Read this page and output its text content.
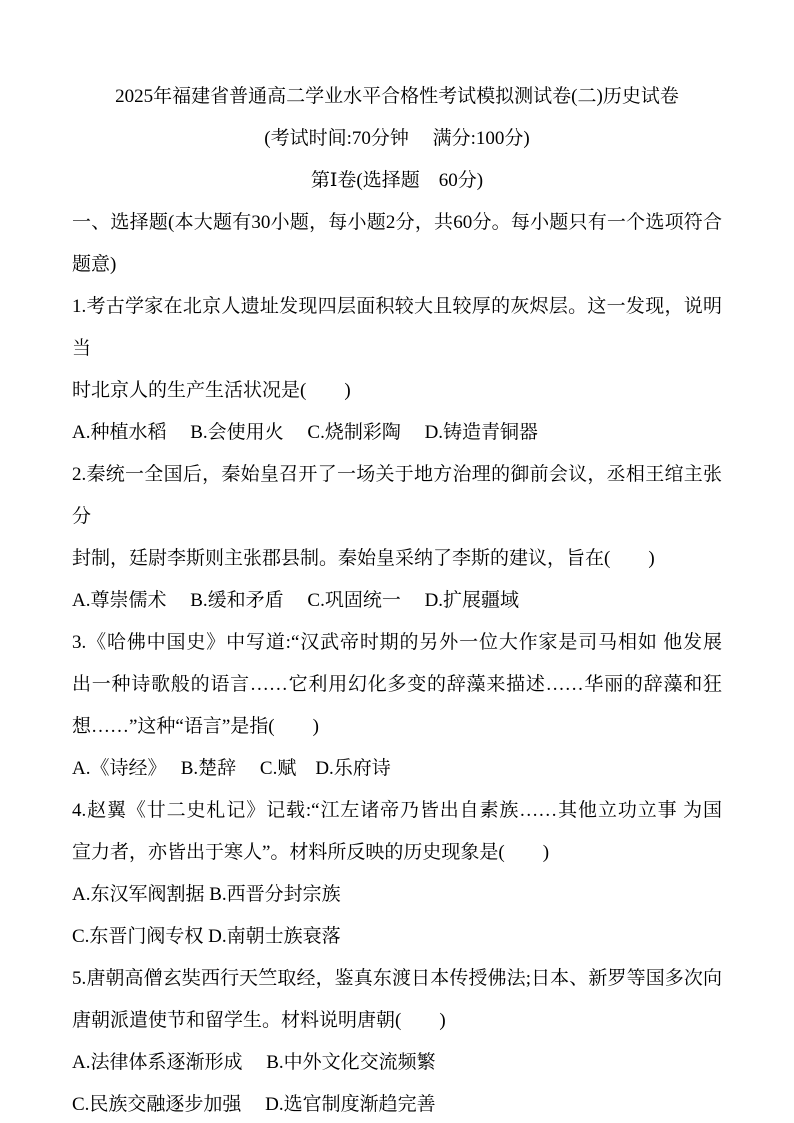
2025年福建省普通高二学业水平合格性考试模拟测试卷(二)历史试卷
(考试时间:70分钟　 满分:100分)
第Ⅰ卷(选择题　60分)
一、选择题(本大题有30小题，每小题2分，共60分。每小题只有一个选项符合
题意)
1.考古学家在北京人遗址发现四层面积较大且较厚的灰烬层。这一发现，说明当
时北京人的生产生活状况是(　　)
A.种植水稻　 B.会使用火　 C.烧制彩陶　 D.铸造青铜器
2.秦统一全国后，秦始皇召开了一场关于地方治理的御前会议，丞相王绾主张分
封制，廷尉李斯则主张郡县制。秦始皇采纳了李斯的建议，旨在(　　)
A.尊崇儒术　 B.缓和矛盾　 C.巩固统一　 D.扩展疆域
3.《哈佛中国史》中写道:“汉武帝时期的另外一位大作家是司马相如 他发展
出一种诗歌般的语言……它利用幻化多变的辞藻来描述……华丽的辞藻和狂
想……”这种“语言”是指(　　)
A.《诗经》　 B.楚辞　 C.赋　D.乐府诗
4.赵翼《廿二史札记》记载:“江左诸帝乃皆出自素族……其他立功立事 为国
宣力者，亦皆出于寒人”。材料所反映的历史现象是(　　)
A.东汉军阀割据 B.西晋分封宗族
C.东晋门阀专权 D.南朝士族衰落
5.唐朝高僧玄奘西行天竺取经，鉴真东渡日本传授佛法;日本、新罗等国多次向
唐朝派遣使节和留学生。材料说明唐朝(　　)
A.法律体系逐渐形成　 B.中外文化交流频繁
C.民族交融逐步加强　 D.选官制度渐趋完善
